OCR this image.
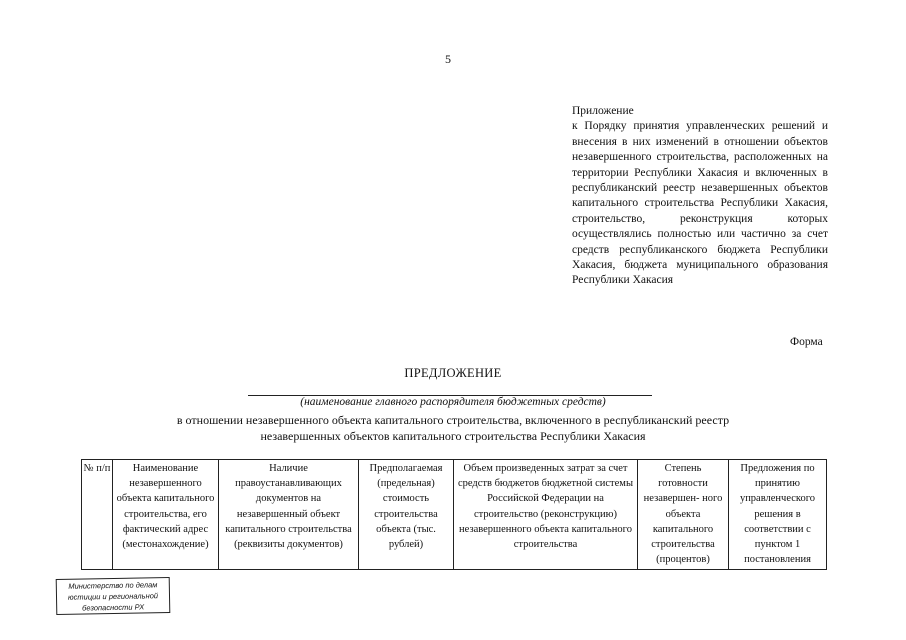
5
Приложение
к Порядку принятия управленческих решений и внесения в них изменений в отношении объектов незавершенного строительства, расположенных на территории Республики Хакасия и включенных в республиканский реестр незавершенных объектов капитального строительства Республики Хакасия, строительство, реконструкция которых осуществлялись полностью или частично за счет средств республиканского бюджета Республики Хакасия, бюджета муниципального образования Республики Хакасия
Форма
ПРЕДЛОЖЕНИЕ
(наименование главного распорядителя бюджетных средств)
в отношении незавершенного объекта капитального строительства, включенного в республиканский реестр
незавершенных объектов капитального строительства Республики Хакасия
№ п/п	Наименование незавершенного объекта капитального строительства, его фактический адрес (местонахождение)	Наличие правоустанавливающих документов на незавершенный объект капитального строительства (реквизиты документов)	Предполагаемая (предельная) стоимость строительства объекта (тыс. рублей)	Объем произведенных затрат за счет средств бюджетов бюджетной системы Российской Федерации на строительство (реконструкцию) незавершенного объекта капитального строительства	Степень готовности незавершен- ного объекта капитального строительства (процентов)	Предложения по принятию управленческого решения в соответствии с пунктом 1 постановления
Министерство по делам
юстиции и региональной
безопасности РХ
